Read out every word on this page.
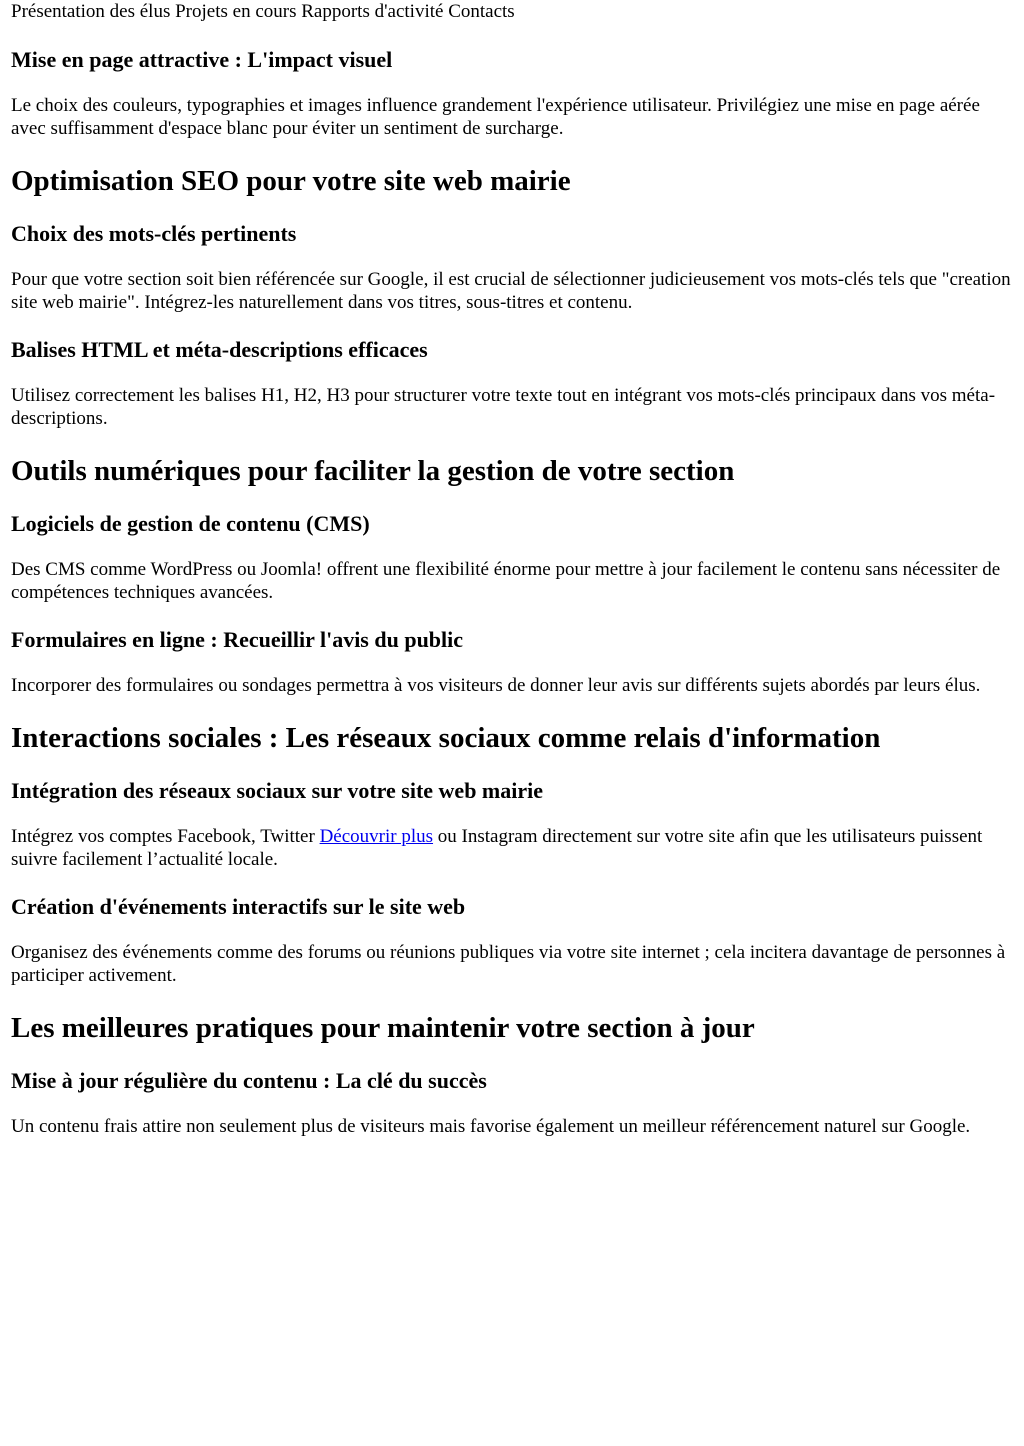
Présentation des élus Projets en cours Rapports d'activité Contacts
Mise en page attractive : L'impact visuel

Le choix des couleurs, typographies et images influence grandement l'expérience utilisateur. Privilégiez une mise en page aérée avec suffisamment d'espace blanc pour éviter un sentiment de surcharge.

Optimisation SEO pour votre site web mairie
Choix des mots-clés pertinents

Pour que votre section soit bien référencée sur Google, il est crucial de sélectionner judicieusement vos mots-clés tels que "creation site web mairie". Intégrez-les naturellement dans vos titres, sous-titres et contenu.

Balises HTML et méta-descriptions efficaces

Utilisez correctement les balises H1, H2, H3 pour structurer votre texte tout en intégrant vos mots-clés principaux dans vos méta-descriptions.

Outils numériques pour faciliter la gestion de votre section
Logiciels de gestion de contenu (CMS)

Des CMS comme WordPress ou Joomla! offrent une flexibilité énorme pour mettre à jour facilement le contenu sans nécessiter de compétences techniques avancées.

Formulaires en ligne : Recueillir l'avis du public

Incorporer des formulaires ou sondages permettra à vos visiteurs de donner leur avis sur différents sujets abordés par leurs élus.

Interactions sociales : Les réseaux sociaux comme relais d'information
Intégration des réseaux sociaux sur votre site web mairie

Intégrez vos comptes Facebook, Twitter Découvrir plus ou Instagram directement sur votre site afin que les utilisateurs puissent suivre facilement l’actualité locale.

Création d'événements interactifs sur le site web

Organisez des événements comme des forums ou réunions publiques via votre site internet ; cela incitera davantage de personnes à participer activement.

Les meilleures pratiques pour maintenir votre section à jour
Mise à jour régulière du contenu : La clé du succès

Un contenu frais attire non seulement plus de visiteurs mais favorise également un meilleur référencement naturel sur Google.
